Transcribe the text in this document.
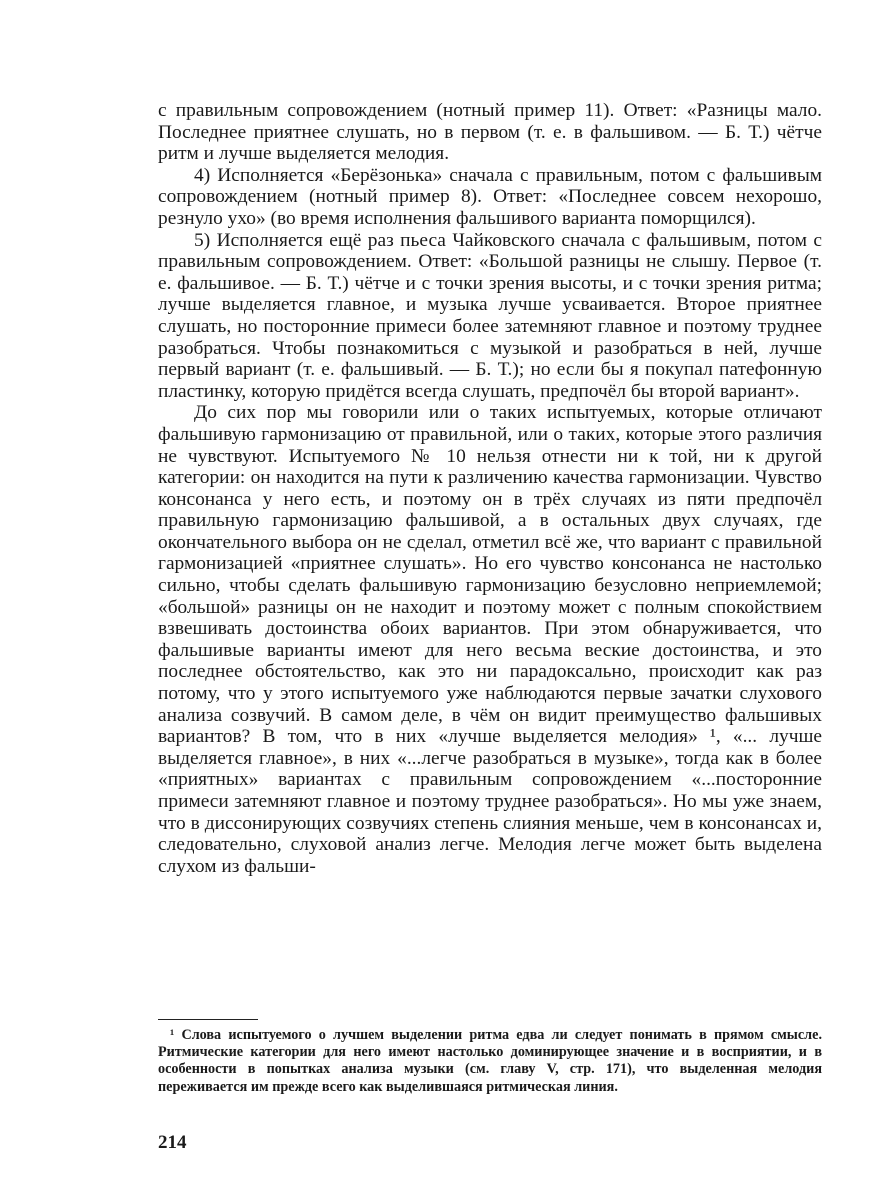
с правильным сопровождением (нотный пример 11). Ответ: «Разницы мало. Последнее приятнее слушать, но в первом (т. е. в фальшивом. — Б. Т.) чётче ритм и лучше выделяется мелодия.

4) Исполняется «Берёзонька» сначала с правильным, потом с фальшивым сопровождением (нотный пример 8). Ответ: «Последнее совсем нехорошо, резнуло ухо» (во время исполнения фальшивого варианта поморщился).

5) Исполняется ещё раз пьеса Чайковского сначала с фальшивым, потом с правильным сопровождением. Ответ: «Большой разницы не слышу. Первое (т. е. фальшивое. — Б. Т.) чётче и с точки зрения высоты, и с точки зрения ритма; лучше выделяется главное, и музыка лучше усваивается. Второе приятнее слушать, но посторонние примеси более затемняют главное и поэтому труднее разобраться. Чтобы познакомиться с музыкой и разобраться в ней, лучше первый вариант (т. е. фальшивый. — Б. Т.); но если бы я покупал патефонную пластинку, которую придётся всегда слушать, предпочёл бы второй вариант».

До сих пор мы говорили или о таких испытуемых, которые отличают фальшивую гармонизацию от правильной, или о таких, которые этого различия не чувствуют. Испытуемого № 10 нельзя отнести ни к той, ни к другой категории: он находится на пути к различению качества гармонизации. Чувство консонанса у него есть, и поэтому он в трёх случаях из пяти предпочёл правильную гармонизацию фальшивой, а в остальных двух случаях, где окончательного выбора он не сделал, отметил всё же, что вариант с правильной гармонизацией «приятнее слушать». Но его чувство консонанса не настолько сильно, чтобы сделать фальшивую гармонизацию безусловно неприемлемой; «большой» разницы он не находит и поэтому может с полным спокойствием взвешивать достоинства обоих вариантов. При этом обнаруживается, что фальшивые варианты имеют для него весьма веские достоинства, и это последнее обстоятельство, как это ни парадоксально, происходит как раз потому, что у этого испытуемого уже наблюдаются первые зачатки слухового анализа созвучий. В самом деле, в чём он видит преимущество фальшивых вариантов? В том, что в них «лучше выделяется мелодия» ¹, «... лучше выделяется главное», в них «...легче разобраться в музыке», тогда как в более «приятных» вариантах с правильным сопровождением «...посторонние примеси затемняют главное и поэтому труднее разобраться». Но мы уже знаем, что в диссонирующих созвучиях степень слияния меньше, чем в консонансах и, следовательно, слуховой анализ легче. Мелодия легче может быть выделена слухом из фальши-

¹ Слова испытуемого о лучшем выделении ритма едва ли следует понимать в прямом смысле. Ритмические категории для него имеют настолько доминирующее значение и в восприятии, и в особенности в попытках анализа музыки (см. главу V, стр. 171), что выделенная мелодия переживается им прежде всего как выделившаяся ритмическая линия.

214
